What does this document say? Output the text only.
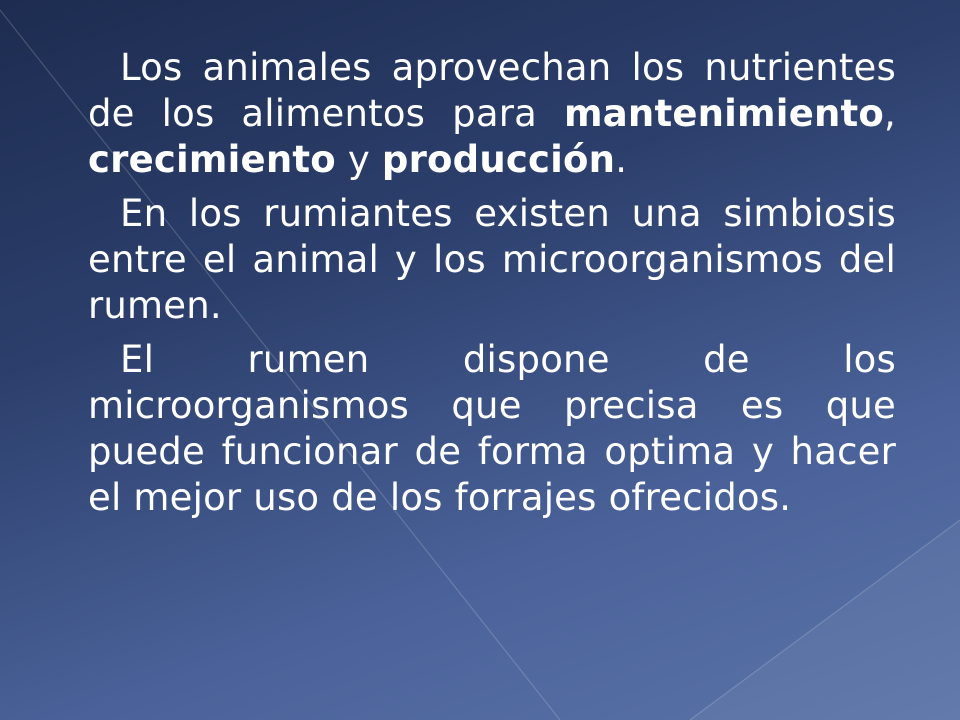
Los animales aprovechan los nutrientes de los alimentos para mantenimiento, crecimiento y producción.

En los rumiantes existen una simbiosis entre el animal y los microorganismos del rumen.

El rumen dispone de los microorganismos que precisa es que puede funcionar de forma optima y hacer el mejor uso de los forrajes ofrecidos.
